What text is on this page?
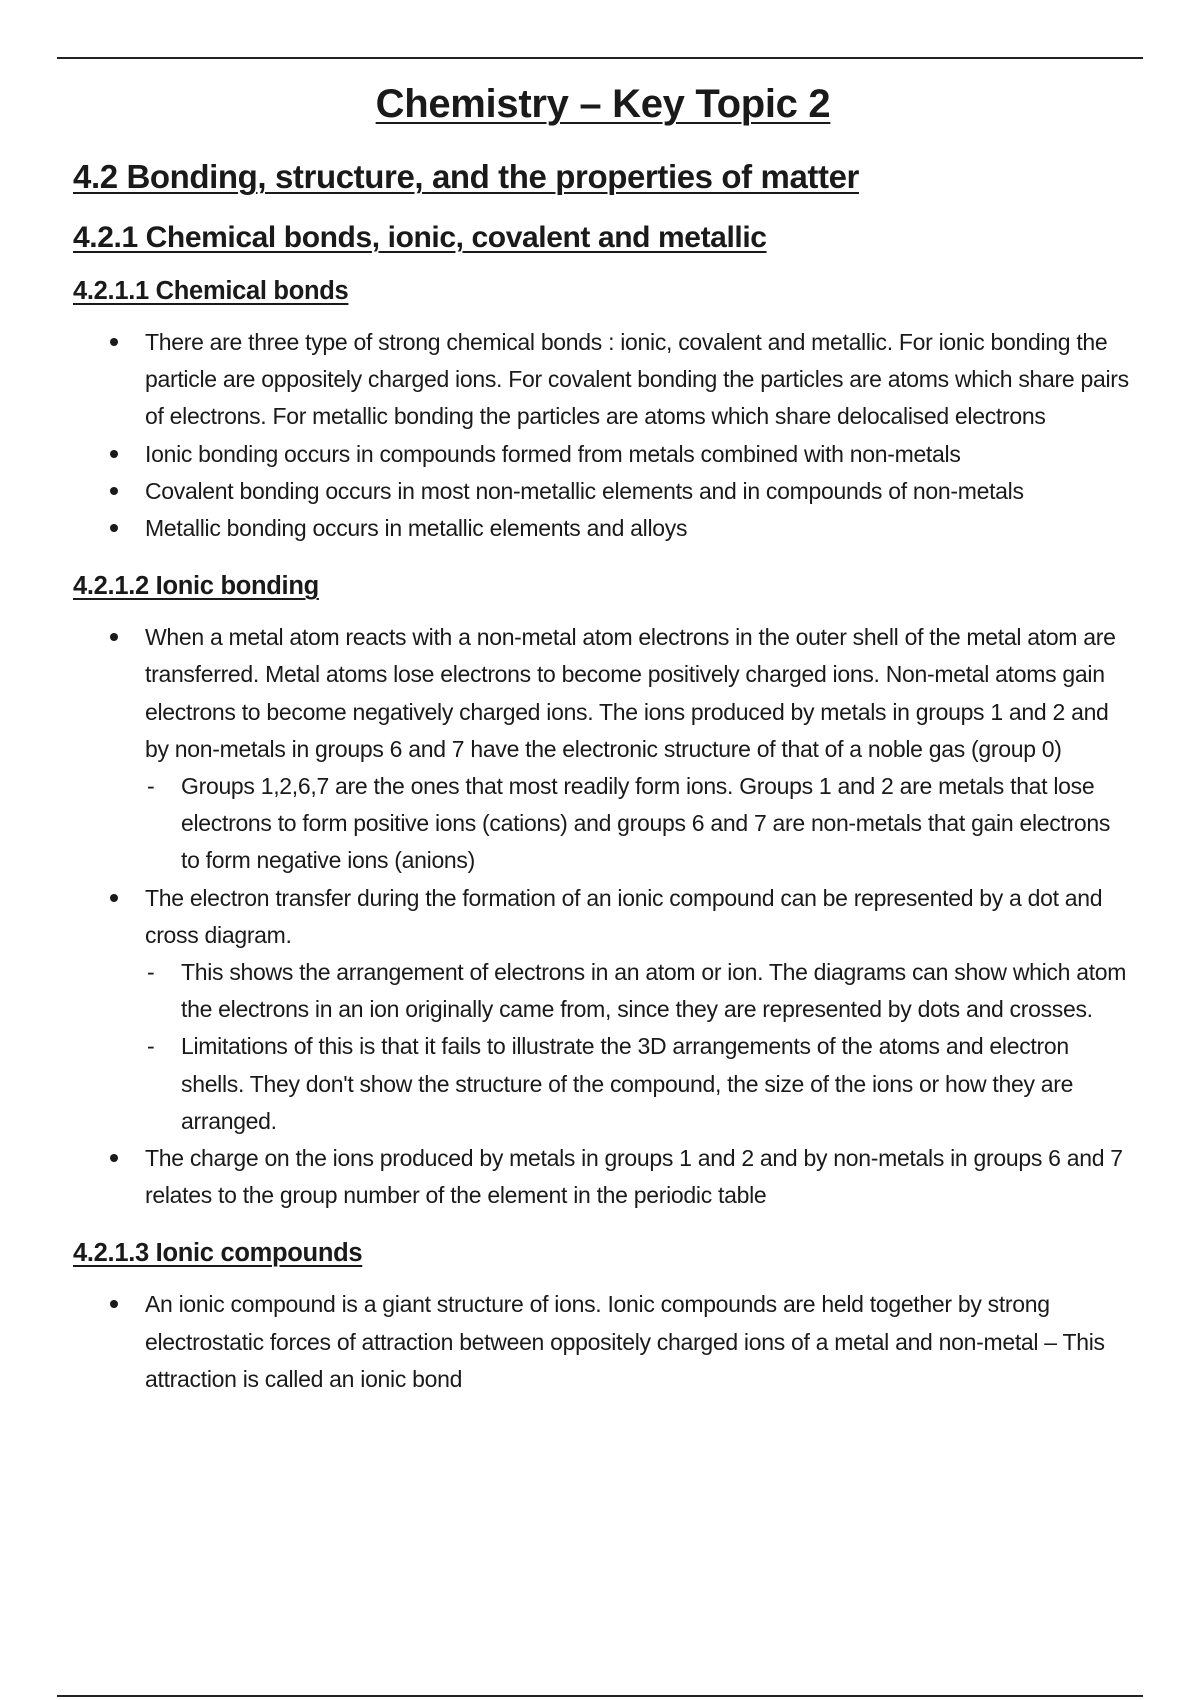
Chemistry – Key Topic 2
4.2 Bonding, structure, and the properties of matter
4.2.1 Chemical bonds, ionic, covalent and metallic
4.2.1.1 Chemical bonds
There are three type of strong chemical bonds : ionic, covalent and metallic. For ionic bonding the particle are oppositely charged ions. For covalent bonding the particles are atoms which share pairs of electrons. For metallic bonding the particles are atoms which share delocalised electrons
Ionic bonding occurs in compounds formed from metals combined with non-metals
Covalent bonding occurs in most non-metallic elements and in compounds of non-metals
Metallic bonding occurs in metallic elements and alloys
4.2.1.2 Ionic bonding
When a metal atom reacts with a non-metal atom electrons in the outer shell of the metal atom are transferred. Metal atoms lose electrons to become positively charged ions. Non-metal atoms gain electrons to become negatively charged ions. The ions produced by metals in groups 1 and 2 and by non-metals in groups 6 and 7 have the electronic structure of that of a noble gas (group 0)
- Groups 1,2,6,7 are the ones that most readily form ions. Groups 1 and 2 are metals that lose electrons to form positive ions (cations) and groups 6 and 7 are non-metals that gain electrons to form negative ions (anions)
The electron transfer during the formation of an ionic compound can be represented by a dot and cross diagram.
- This shows the arrangement of electrons in an atom or ion. The diagrams can show which atom the electrons in an ion originally came from, since they are represented by dots and crosses.
- Limitations of this is that it fails to illustrate the 3D arrangements of the atoms and electron shells. They don't show the structure of the compound, the size of the ions or how they are arranged.
The charge on the ions produced by metals in groups 1 and 2 and by non-metals in groups 6 and 7 relates to the group number of the element in the periodic table
4.2.1.3 Ionic compounds
An ionic compound is a giant structure of ions. Ionic compounds are held together by strong electrostatic forces of attraction between oppositely charged ions of a metal and non-metal – This attraction is called an ionic bond
